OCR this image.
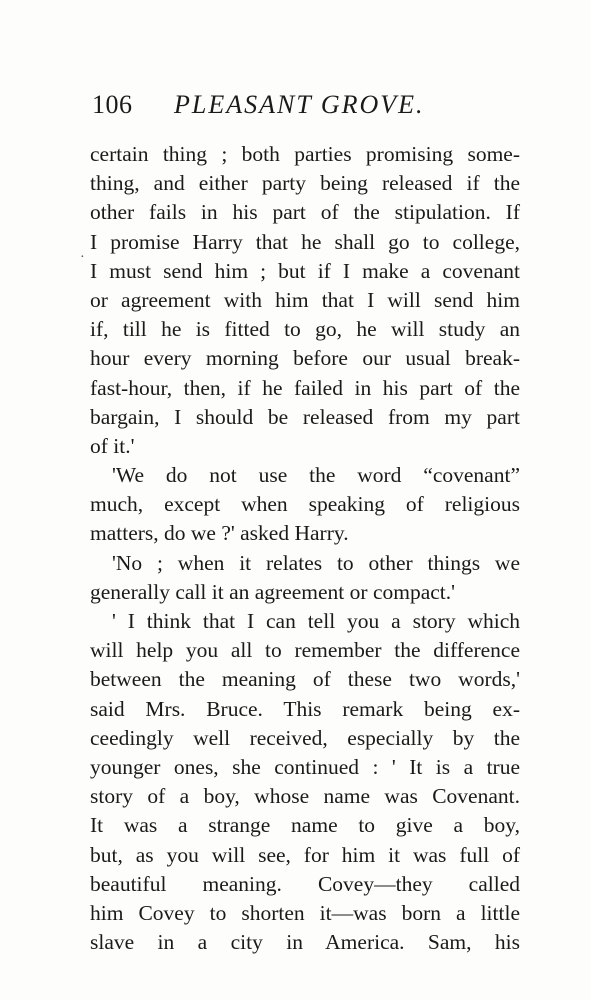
106 PLEASANT GROVE.
·
certain thing ; both parties promising some-
thing, and either party being released if the
other fails in his part of the stipulation. If
I promise Harry that he shall go to college,
I must send him ; but if I make a covenant
or agreement with him that I will send him
if, till he is fitted to go, he will study an
hour every morning before our usual break-
fast-hour, then, if he failed in his part of the
bargain, I should be released from my part
of it.'
'We do not use the word “covenant”
much, except when speaking of religious
matters, do we ?' asked Harry.
'No ; when it relates to other things we
generally call it an agreement or compact.'
' I think that I can tell you a story which
will help you all to remember the difference
between the meaning of these two words,'
said Mrs. Bruce. This remark being ex-
ceedingly well received, especially by the
younger ones, she continued : ' It is a true
story of a boy, whose name was Covenant.
It was a strange name to give a boy,
but, as you will see, for him it was full of
beautiful meaning. Covey—they called
him Covey to shorten it—was born a little
slave in a city in America. Sam, his
